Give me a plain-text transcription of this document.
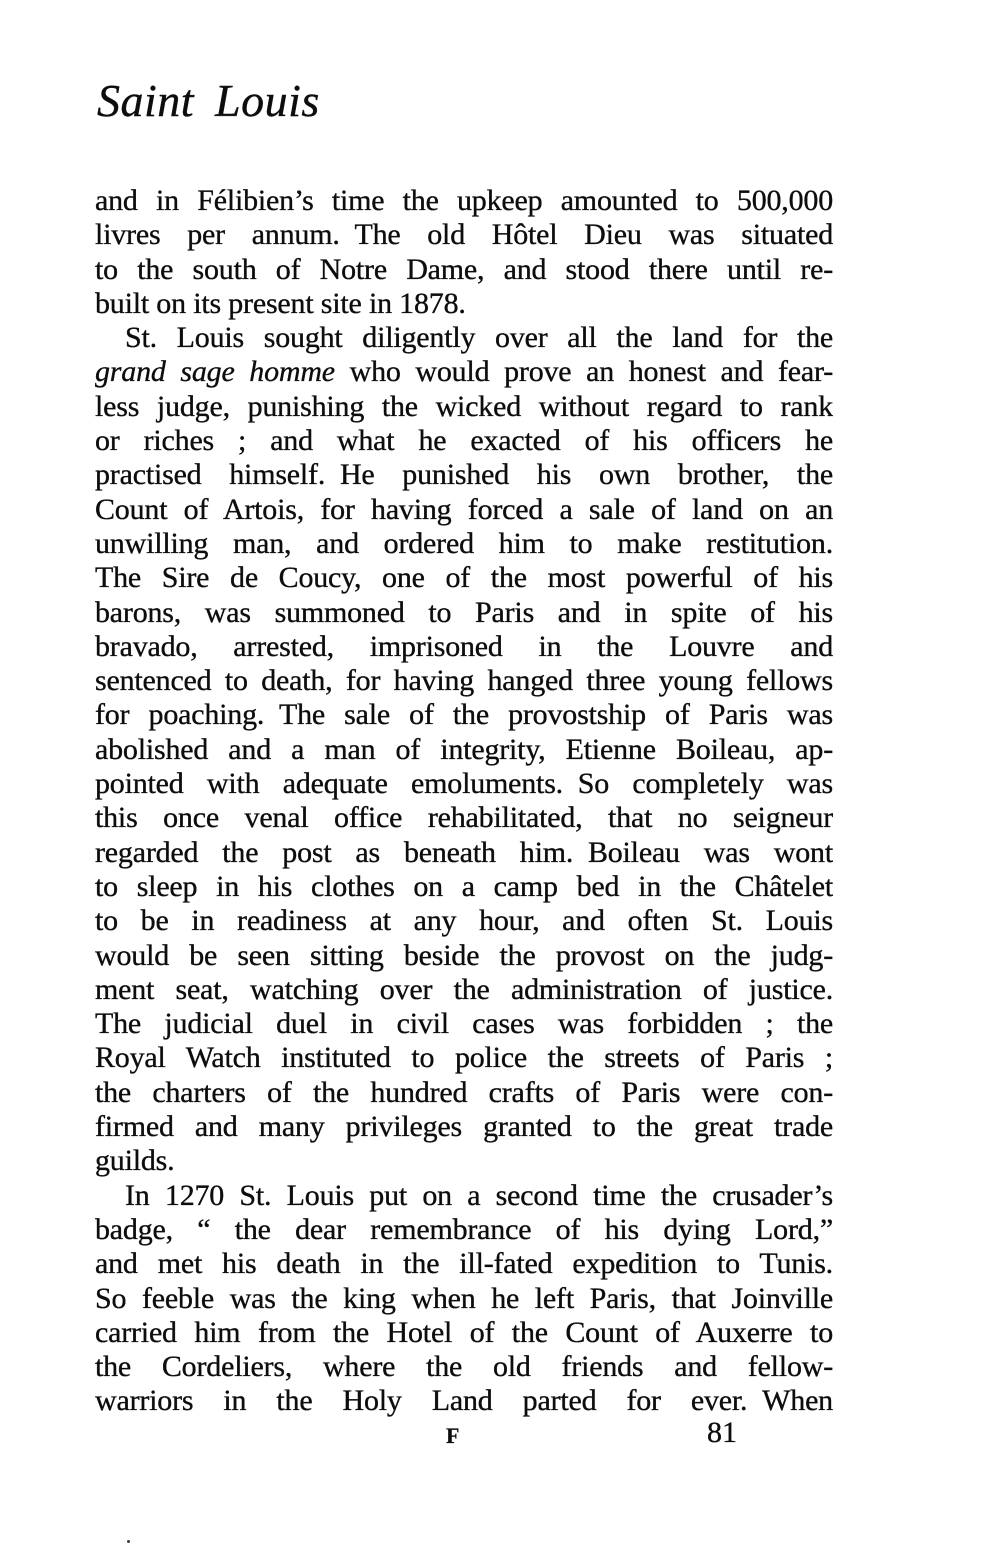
Saint Louis
and in Félibien’s time the upkeep amounted to 500,000
livres per annum. The old Hôtel Dieu was situated
to the south of Notre Dame, and stood there until re-
built on its present site in 1878.
St. Louis sought diligently over all the land for the
grand sage homme who would prove an honest and fear-
less judge, punishing the wicked without regard to rank
or riches ; and what he exacted of his officers he
practised himself. He punished his own brother, the
Count of Artois, for having forced a sale of land on an
unwilling man, and ordered him to make restitution.
The Sire de Coucy, one of the most powerful of his
barons, was summoned to Paris and in spite of his
bravado, arrested, imprisoned in the Louvre and
sentenced to death, for having hanged three young fellows
for poaching. The sale of the provostship of Paris was
abolished and a man of integrity, Etienne Boileau, ap-
pointed with adequate emoluments. So completely was
this once venal office rehabilitated, that no seigneur
regarded the post as beneath him. Boileau was wont
to sleep in his clothes on a camp bed in the Châtelet
to be in readiness at any hour, and often St. Louis
would be seen sitting beside the provost on the judg-
ment seat, watching over the administration of justice.
The judicial duel in civil cases was forbidden ; the
Royal Watch instituted to police the streets of Paris ;
the charters of the hundred crafts of Paris were con-
firmed and many privileges granted to the great trade
guilds.
In 1270 St. Louis put on a second time the crusader’s
badge, “ the dear remembrance of his dying Lord,”
and met his death in the ill-fated expedition to Tunis.
So feeble was the king when he left Paris, that Joinville
carried him from the Hotel of the Count of Auxerre to
the Cordeliers, where the old friends and fellow-
warriors in the Holy Land parted for ever. When
F	81
